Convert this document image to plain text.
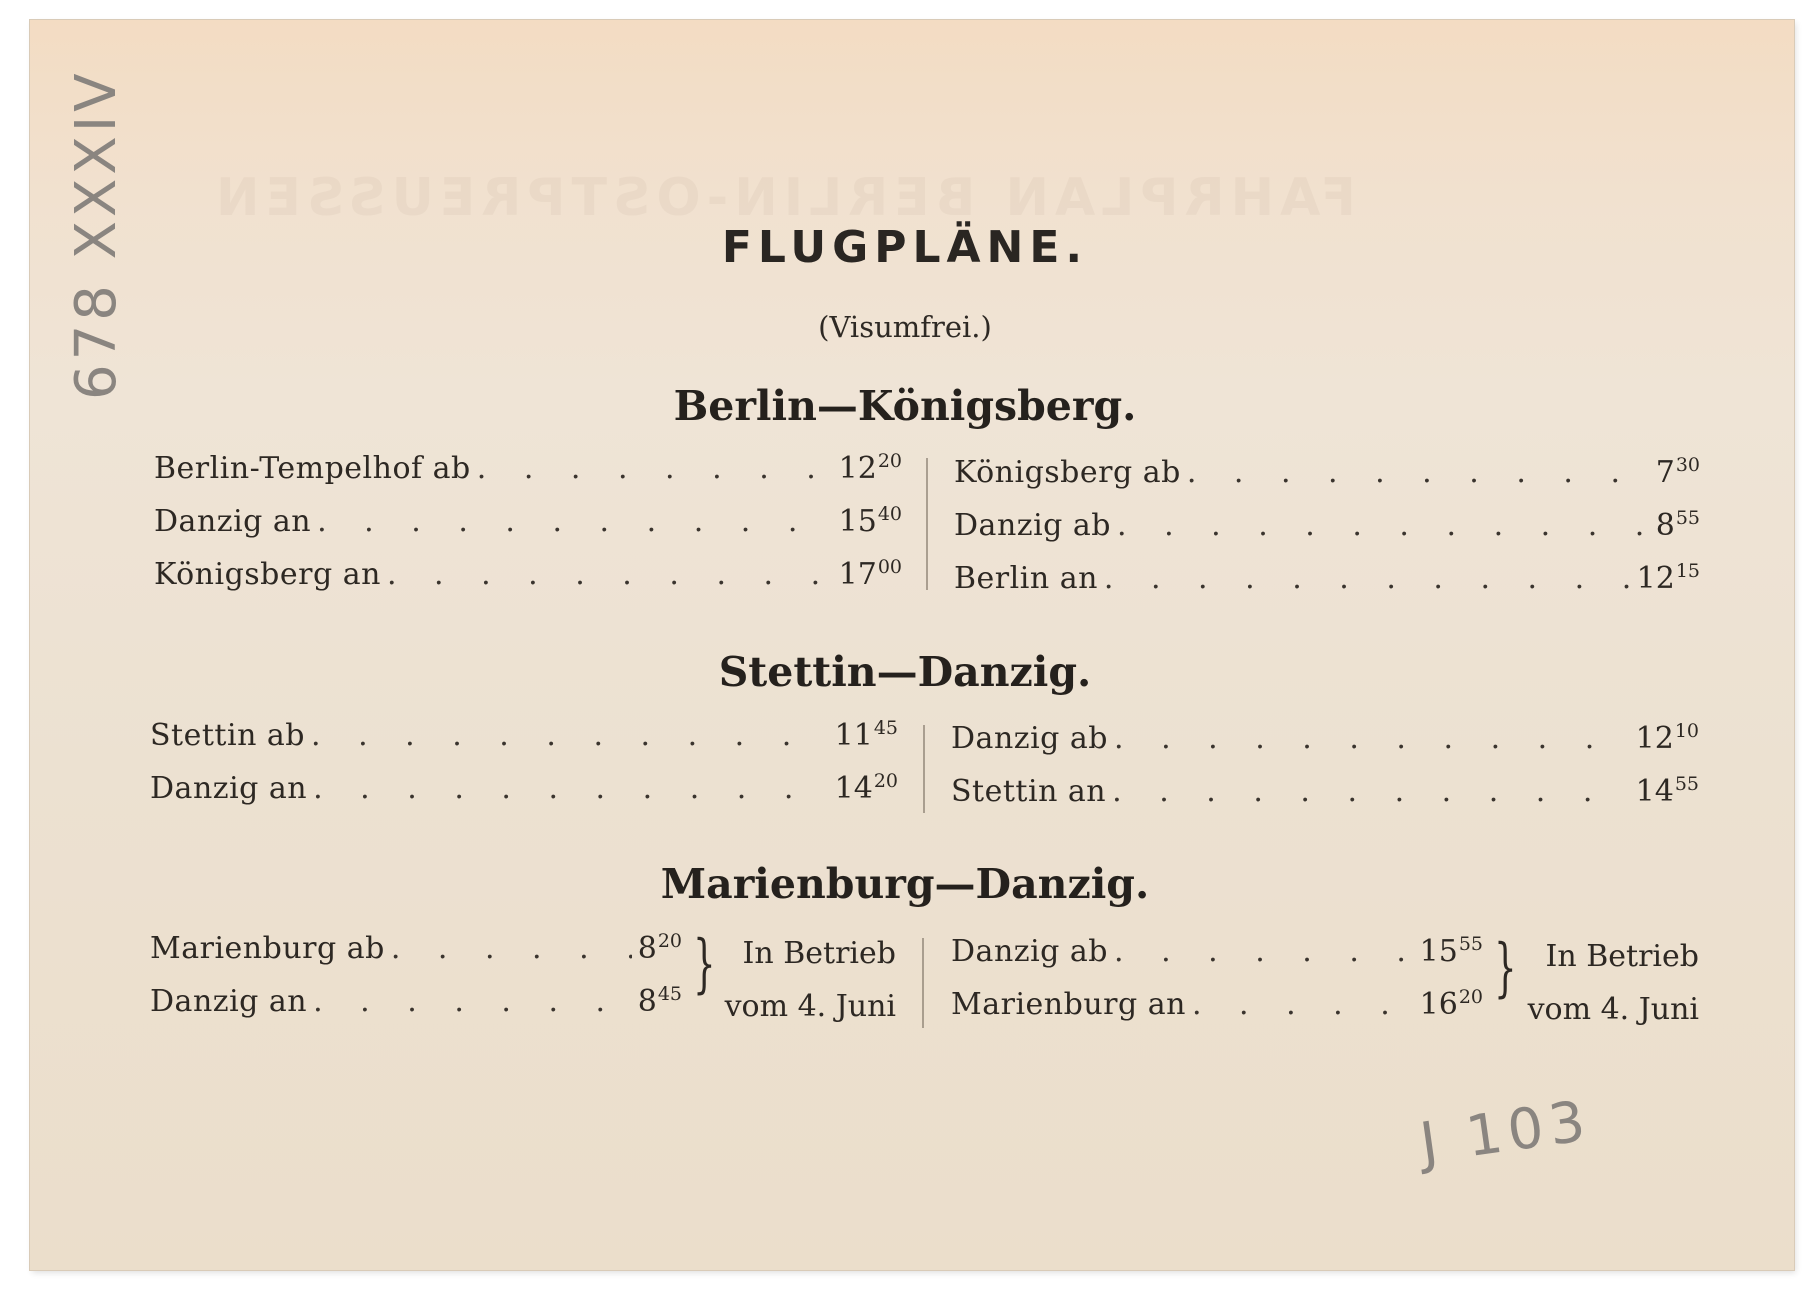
FAHRPLAN BERLIN-OSTPREUSSEN
678 XXXIV
J 103
FLUGPLÄNE.
(Visumfrei.)
Berlin—Königsberg.
Berlin-Tempelhof ab . . .	$12^{20}$
Danzig an . . .	$15^{40}$
Königsberg an . . .	$17^{00}$
Königsberg ab . . .	$7^{30}$
Danzig ab . . .	$8^{55}$
Berlin an . . .	$12^{15}$
Stettin—Danzig.
Stettin ab . . .	$11^{45}$
Danzig an . . .	$14^{20}$
Danzig ab . . .	$12^{10}$
Stettin an . . .	$14^{55}$
Marienburg—Danzig.
Marienburg ab . . .	$8^{20}$
Danzig an . . .	$8^{45}$ } In Betrieb
vom 4. Juni
Danzig ab . . .	$15^{55}$
Marienburg an . . .	$16^{20}$ } In Betrieb
vom 4. Juni
